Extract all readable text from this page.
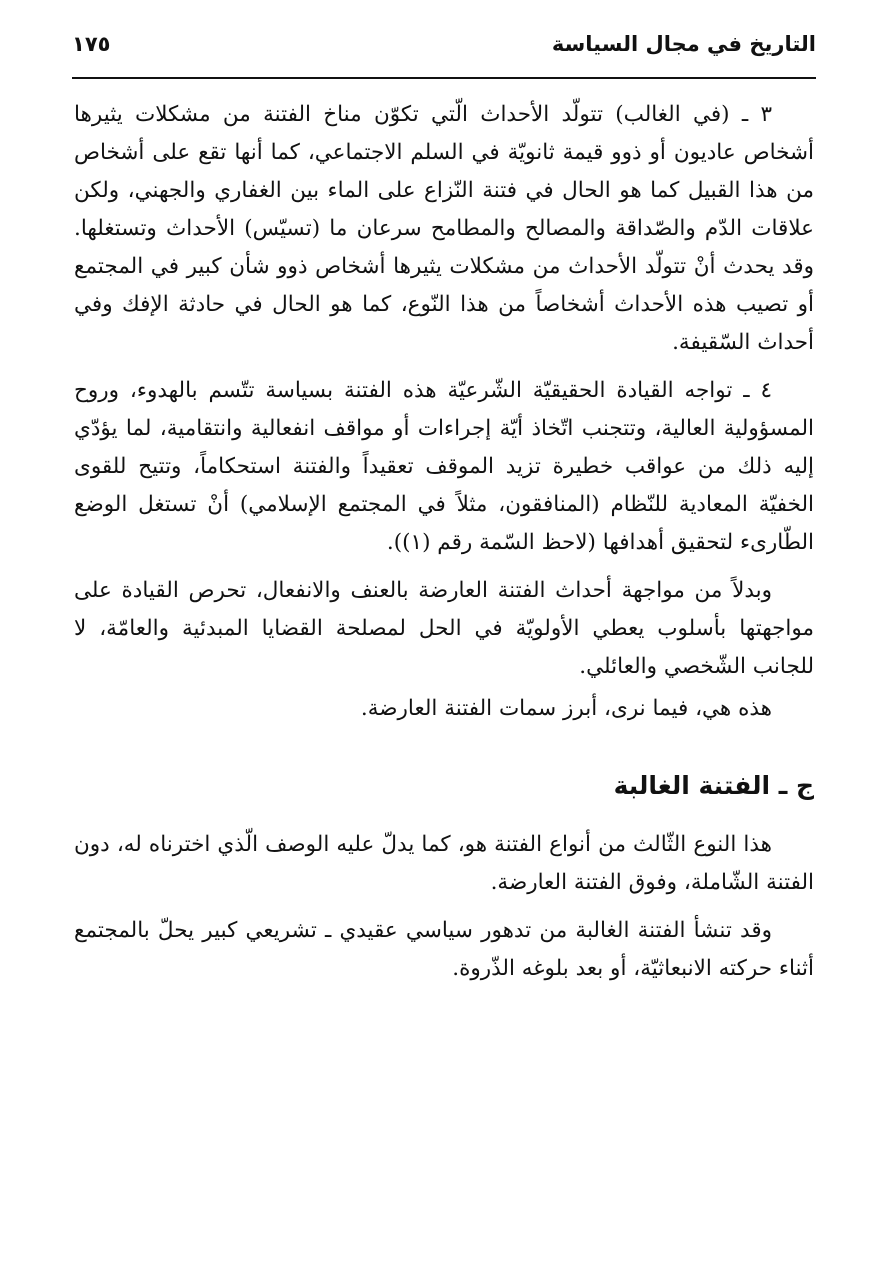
التاريخ في مجال السياسة
١٧٥

٣ ـ (في الغالب) تتولّد الأحداث الّتي تكوّن مناخ الفتنة من مشكلات يثيرها أشخاص عاديون أو ذوو قيمة ثانويّة في السلم الاجتماعي، كما أنها تقع على أشخاص من هذا القبيل كما هو الحال في فتنة النّزاع على الماء بين الغفاري والجهني، ولكن علاقات الدّم والصّداقة والمصالح والمطامح سرعان ما (تسيّس) الأحداث وتستغلها. وقد يحدث أنْ تتولّد الأحداث من مشكلات يثيرها أشخاص ذوو شأن كبير في المجتمع أو تصيب هذه الأحداث أشخاصاً من هذا النّوع، كما هو الحال في حادثة الإفك وفي أحداث السّقيفة.

٤ ـ تواجه القيادة الحقيقيّة الشّرعيّة هذه الفتنة بسياسة تتّسم بالهدوء، وروح المسؤولية العالية، وتتجنب اتّخاذ أيّة إجراءات أو مواقف انفعالية وانتقامية، لما يؤدّي إليه ذلك من عواقب خطيرة تزيد الموقف تعقيداً والفتنة استحكاماً، وتتيح للقوى الخفيّة المعادية للنّظام (المنافقون، مثلاً في المجتمع الإسلامي) أنْ تستغل الوضع الطّارىء لتحقيق أهدافها (لاحظ السّمة رقم (١)).

وبدلاً من مواجهة أحداث الفتنة العارضة بالعنف والانفعال، تحرص القيادة على مواجهتها بأسلوب يعطي الأولويّة في الحل لمصلحة القضايا المبدئية والعامّة، لا للجانب الشّخصي والعائلي.

هذه هي، فيما نرى، أبرز سمات الفتنة العارضة.

ج ـ الفتنة الغالبة

هذا النوع الثّالث من أنواع الفتنة هو، كما يدلّ عليه الوصف الّذي اخترناه له، دون الفتنة الشّاملة، وفوق الفتنة العارضة.

وقد تنشأ الفتنة الغالبة من تدهور سياسي عقيدي ـ تشريعي كبير يحلّ بالمجتمع أثناء حركته الانبعاثيّة، أو بعد بلوغه الذّروة.
